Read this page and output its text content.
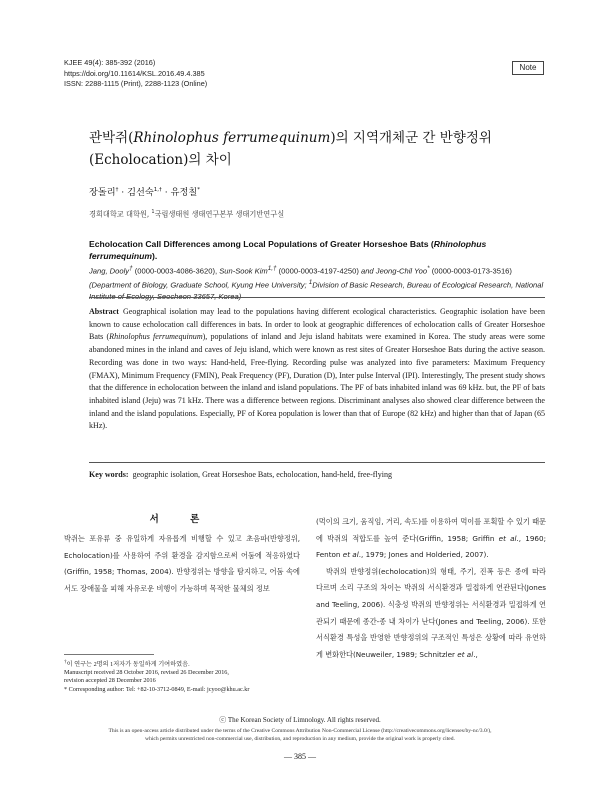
KJEE 49(4): 385-392 (2016)
https://doi.org/10.11614/KSL.2016.49.4.385
ISSN: 2288-1115 (Print), 2288-1123 (Online)
Note
관박쥐(Rhinolophus ferrumequinum)의 지역개체군 간 반향정위
(Echolocation)의 차이
장돌리† · 김선숙$^{1,\dagger}$ · 유정칠*
경희대학교 대학원, $^1$국립생태원 생태연구본부 생태기반연구실
Echolocation Call Differences among Local Populations of Greater Horseshoe Bats (Rhinolophus ferrumequinum).
Jang, Dooly† (0000-0003-4086-3620), Sun-Sook Kim$^{1,\dagger}$ (0000-0003-4197-4250) and Jeong-Chil Yoo* (0000-0003-0173-3516) (Department of Biology, Graduate School, Kyung Hee University; $^1$Division of Basic Research, Bureau of Ecological Research, National Institute of Ecology, Seocheon 33657, Korea)
Abstract Geographical isolation may lead to the populations having different ecological characteristics. Geographic isolation have been known to cause echolocation call differences in bats. In order to look at geographic differences of echolocation calls of Greater Horseshoe Bats (Rhinolophus ferrumequinum), populations of inland and Jeju island habitats were examined in Korea. The study areas were some abandoned mines in the inland and caves of Jeju island, which were known as rest sites of Greater Horseshoe Bats during the active season. Recording was done in two ways: Hand-held, Free-flying. Recording pulse was analyzed into five parameters: Maximum Frequency (FMAX), Minimum Frequency (FMIN), Peak Frequency (PF), Duration (D), Inter pulse Interval (IPI). Interestingly, The present study shows that the difference in echolocation between the inland and island populations. The PF of bats inhabited inland was 69 kHz. but, the PF of bats inhabited island (Jeju) was 71 kHz. There was a difference between regions. Discriminant analyses also showed clear difference between the inland and the island populations. Especially, PF of Korea population is lower than that of Europe (82 kHz) and higher than that of Japan (65 kHz).
Key words: geographic isolation, Great Horseshoe Bats, echolocation, hand-held, free-flying
서 론
박쥐는 포유류 중 유일하게 자유롭게 비행할 수 있고 초음파(반향정위, Echolocation)를 사용하여 주위 환경을 감지함으로써 어둠에 적응하였다(Griffin, 1958; Thomas, 2004). 반향정위는 방향을 탐지하고, 어둠 속에서도 장애물을 피해 자유로운 비행이 가능하며 목적한 물체의 정보
(먹이의 크기, 움직임, 거리, 속도)를 이용하여 먹이를 포획할 수 있기 때문에 박쥐의 적합도를 높여 준다(Griffin, 1958; Griffin et al., 1960; Fenton et al., 1979; Jones and Holderied, 2007).
박쥐의 반향정위(echolocation)의 형태, 주기, 진폭 등은 종에 따라 다르며 소리 구조의 차이는 박쥐의 서식환경과 밀접하게 연관된다(Jones and Teeling, 2006). 식충성 박쥐의 반향정위는 서식환경과 밀접하게 연관되기 때문에 종간-종 내 차이가 난다(Jones and Teeling, 2006). 또한 서식환경 특성을 반영한 반향정위의 구조적인 특성은 상황에 따라 유연하게 변화한다(Neuweiler, 1989; Schnitzler et al.,
†이 연구는 2명의 1저자가 동일하게 기여하였음.
Manuscript received 28 October 2016, revised 26 December 2016,
revision accepted 28 December 2016
* Corresponding author: Tel: +82-10-3712-0849, E-mail: jcyoo@khu.ac.kr
ⓒ The Korean Society of Limnology. All rights reserved.
This is an open-access article distributed under the terms of the Creative Commons Attribution Non-Commercial License (http://creativecommons.org/licenses/by-nc/3.0/),
which permits unrestricted non-commercial use, distribution, and reproduction in any medium, provide the original work is properly cited.
— 385 —
